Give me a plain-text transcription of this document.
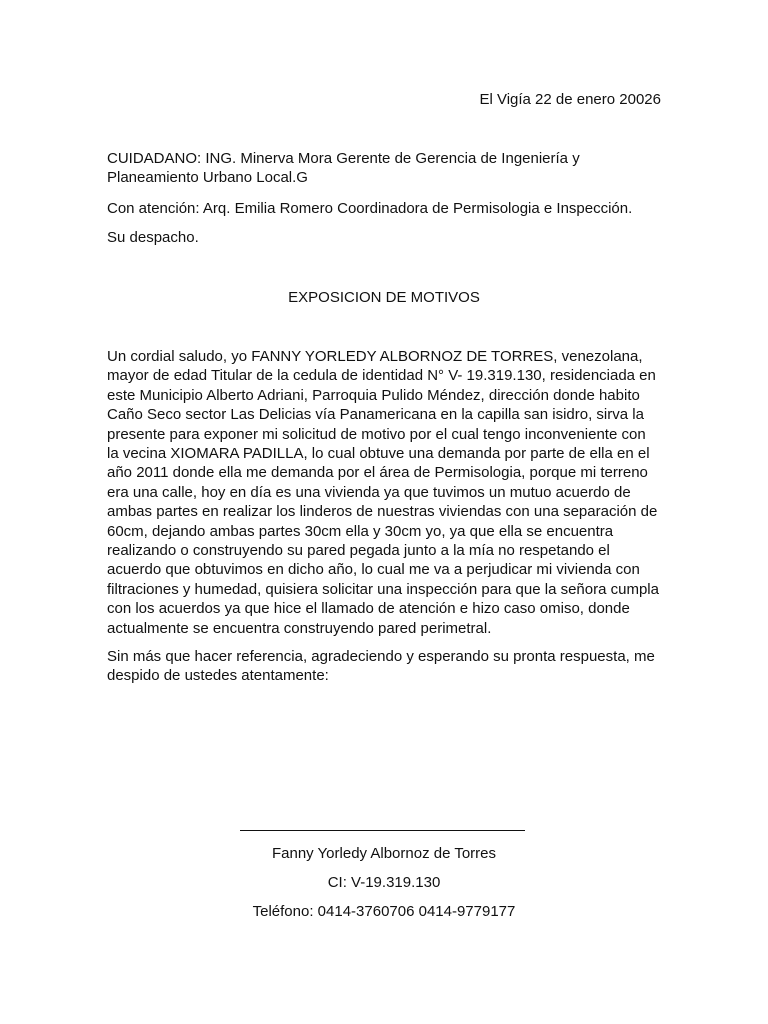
El Vigía 22 de enero 20026
CUIDADANO: ING. Minerva Mora Gerente de Gerencia de Ingeniería y
Planeamiento Urbano Local.G
Con atención: Arq. Emilia Romero Coordinadora de Permisologia e Inspección.
Su despacho.
EXPOSICION DE MOTIVOS
Un cordial saludo, yo FANNY YORLEDY ALBORNOZ DE TORRES, venezolana,
mayor de edad Titular de la cedula de identidad N° V- 19.319.130, residenciada en
este Municipio Alberto Adriani, Parroquia Pulido Méndez, dirección donde habito
Caño Seco sector Las Delicias vía Panamericana en la capilla san isidro, sirva la
presente para exponer mi solicitud de motivo por el cual tengo inconveniente con
la vecina XIOMARA PADILLA, lo cual obtuve una demanda por parte de ella en el
año 2011 donde ella me demanda por el área de Permisologia, porque mi terreno
era una calle, hoy en día es una vivienda ya que tuvimos un mutuo acuerdo de
ambas partes en realizar los linderos de nuestras viviendas con una separación de
60cm, dejando ambas partes 30cm ella y 30cm yo, ya que ella se encuentra
realizando o construyendo su pared pegada junto a la mía no respetando el
acuerdo que obtuvimos en dicho año, lo cual me va a perjudicar mi vivienda con
filtraciones y humedad, quisiera solicitar una inspección para que la señora cumpla
con los acuerdos ya que hice el llamado de atención e hizo caso omiso, donde
actualmente se encuentra construyendo pared perimetral.
Sin más que hacer referencia, agradeciendo y esperando su pronta respuesta, me
despido de ustedes atentamente:
Fanny Yorledy Albornoz de Torres
CI: V-19.319.130
Teléfono: 0414-3760706 0414-9779177
